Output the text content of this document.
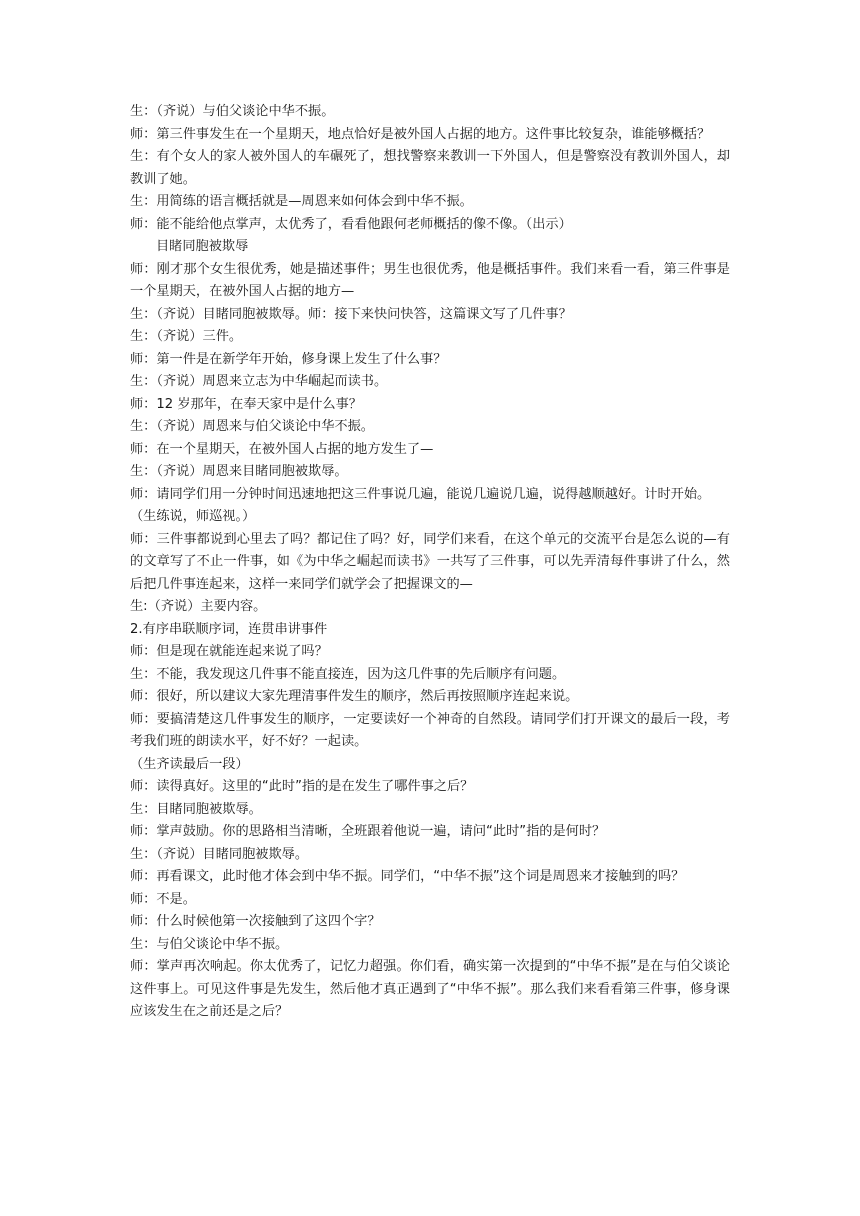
生：（齐说）与伯父谈论中华不振。

师：第三件事发生在一个星期天，地点恰好是被外国人占据的地方。这件事比较复杂，谁能够概括？

生：有个女人的家人被外国人的车碾死了，想找警察来教训一下外国人，但是警察没有教训外国人，却教训了她。

生：用简练的语言概括就是—周恩来如何体会到中华不振。

师：能不能给他点掌声，太优秀了，看看他跟何老师概括的像不像。（出示）

目睹同胞被欺辱

师：刚才那个女生很优秀，她是描述事件；男生也很优秀，他是概括事件。我们来看一看，第三件事是一个星期天，在被外国人占据的地方—

生：（齐说）目睹同胞被欺辱。师：接下来快问快答，这篇课文写了几件事？

生：（齐说）三件。

师：第一件是在新学年开始，修身课上发生了什么事？

生：（齐说）周恩来立志为中华崛起而读书。

师：12 岁那年，在奉天家中是什么事？

生：（齐说）周恩来与伯父谈论中华不振。

师：在一个星期天，在被外国人占据的地方发生了—

生：（齐说）周恩来目睹同胞被欺辱。

师：请同学们用一分钟时间迅速地把这三件事说几遍，能说几遍说几遍，说得越顺越好。计时开始。

（生练说，师巡视。）

师：三件事都说到心里去了吗？都记住了吗？好，同学们来看，在这个单元的交流平台是怎么说的—有的文章写了不止一件事，如《为中华之崛起而读书》一共写了三件事，可以先弄清每件事讲了什么，然后把几件事连起来，这样一来同学们就学会了把握课文的—

生:（齐说）主要内容。

2.有序串联顺序词，连贯串讲事件

师：但是现在就能连起来说了吗？

生：不能，我发现这几件事不能直接连，因为这几件事的先后顺序有问题。

师：很好，所以建议大家先理清事件发生的顺序，然后再按照顺序连起来说。

师：要搞清楚这几件事发生的顺序，一定要读好一个神奇的自然段。请同学们打开课文的最后一段，考考我们班的朗读水平，好不好？一起读。

（生齐读最后一段）

师：读得真好。这里的“此时”指的是在发生了哪件事之后？

生：目睹同胞被欺辱。

师：掌声鼓励。你的思路相当清晰，全班跟着他说一遍，请问“此时”指的是何时？

生：（齐说）目睹同胞被欺辱。

师：再看课文，此时他才体会到中华不振。同学们，“中华不振”这个词是周恩来才接触到的吗？

师：不是。

师：什么时候他第一次接触到了这四个字？

生：与伯父谈论中华不振。

师：掌声再次响起。你太优秀了，记忆力超强。你们看，确实第一次提到的“中华不振”是在与伯父谈论这件事上。可见这件事是先发生，然后他才真正遇到了“中华不振”。那么我们来看看第三件事，修身课应该发生在之前还是之后？
